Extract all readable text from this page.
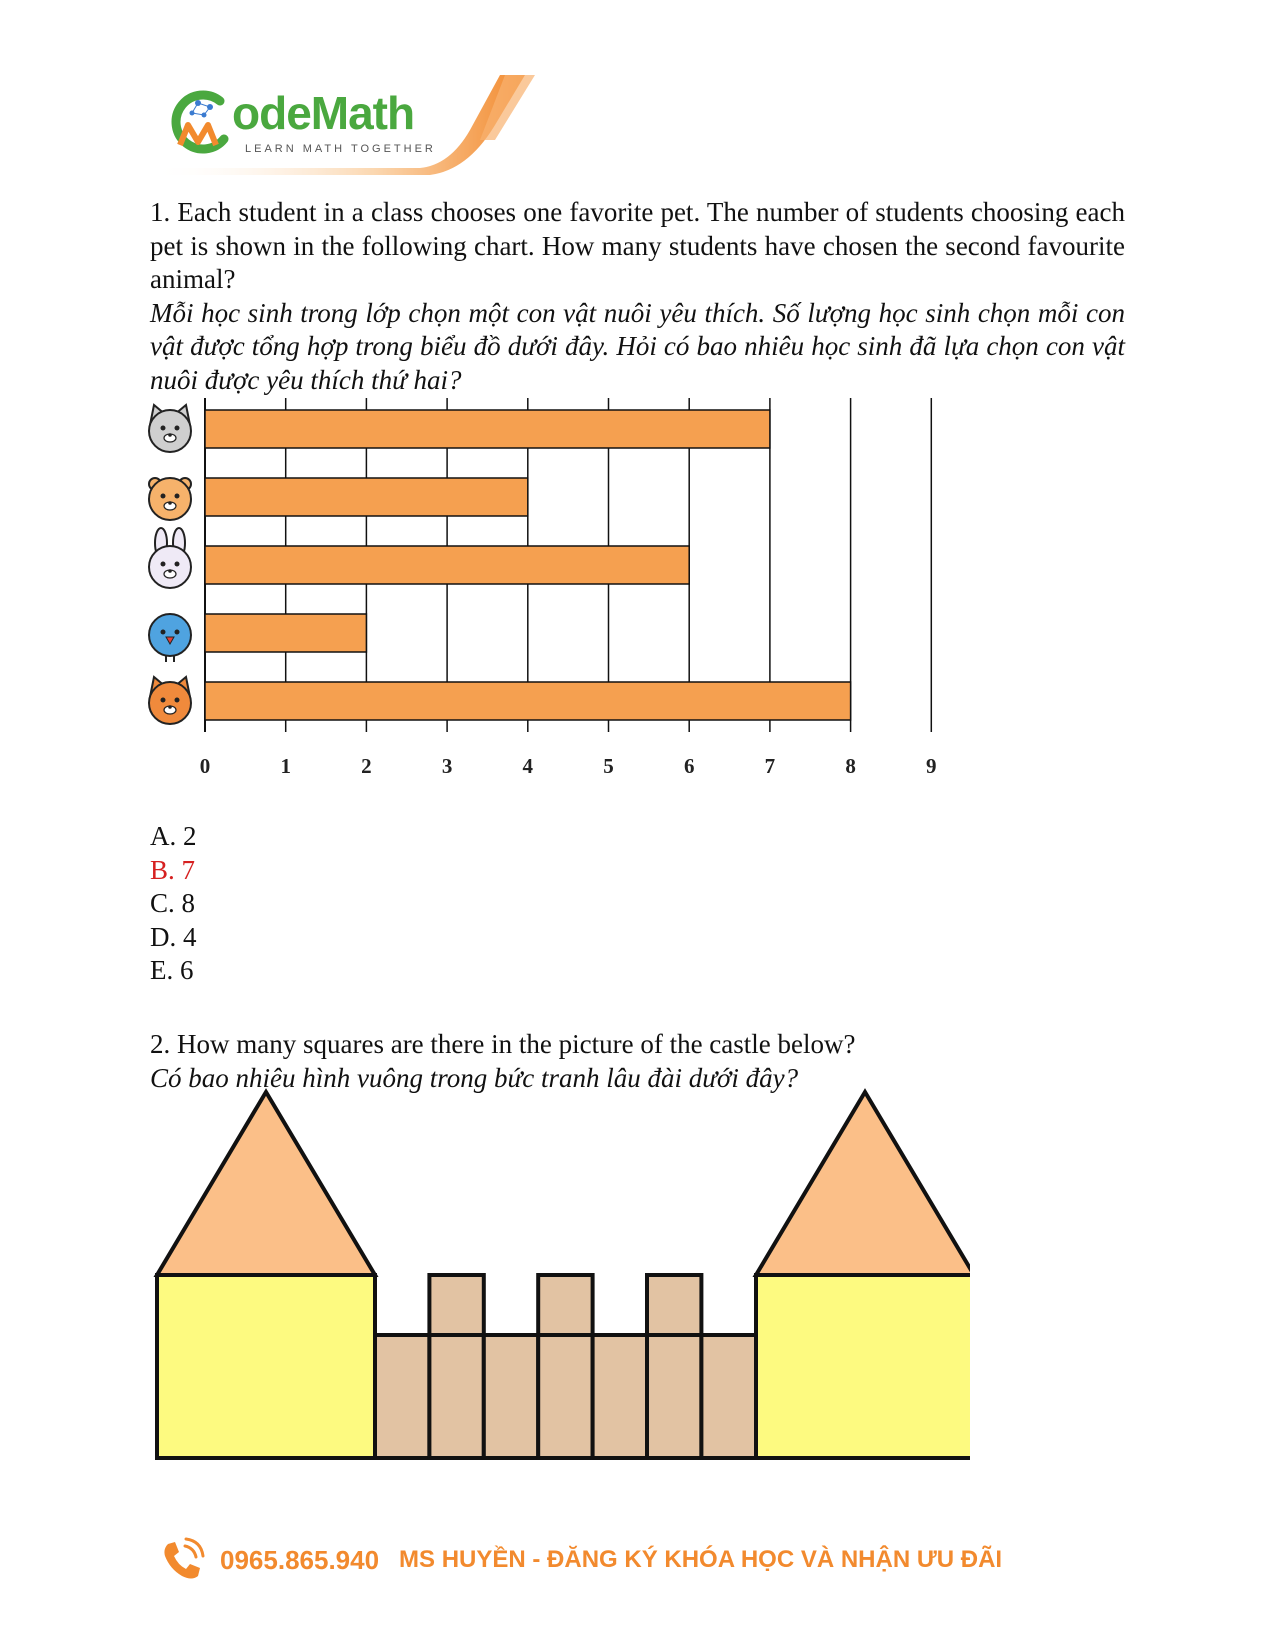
odeMath
LEARN MATH TOGETHER

1. Each student in a class chooses one favorite pet. The number of students choosing each pet is shown in the following chart. How many students have chosen the second favourite animal?

Mỗi học sinh trong lớp chọn một con vật nuôi yêu thích. Số lượng học sinh chọn mỗi con vật được tổng hợp trong biểu đồ dưới đây. Hỏi có bao nhiêu học sinh đã lựa chọn con vật nuôi được yêu thích thứ hai?

0	1	2	3	4	5	6	7	8	9
A. 2
B. 7
C. 8
D. 4
E. 6

2. How many squares are there in the picture of the castle below?

Có bao nhiêu hình vuông trong bức tranh lâu đài dưới đây?

0965.865.940 MS HUYỀN - ĐĂNG KÝ KHÓA HỌC VÀ NHẬN ƯU ĐÃI
